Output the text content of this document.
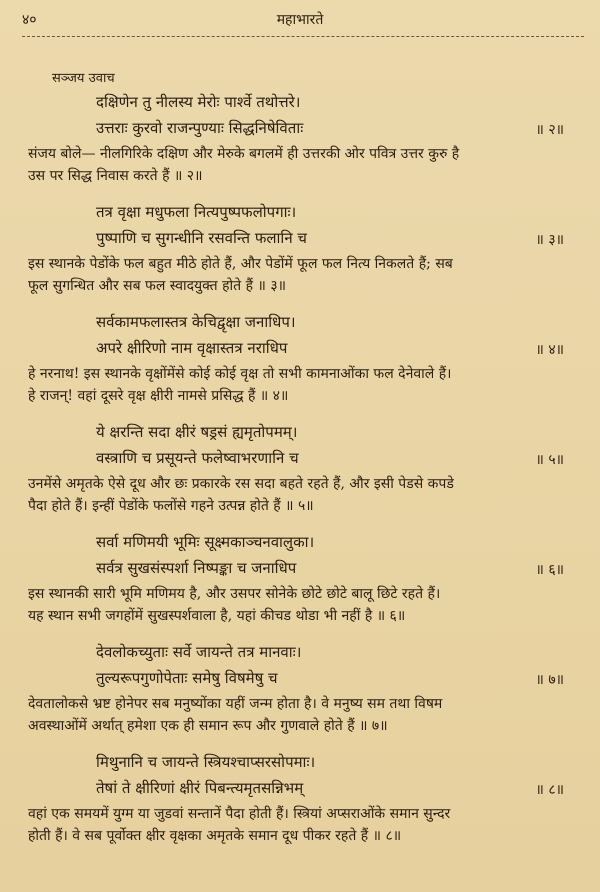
४०	महाभारते
सञ्जय उवाच
दक्षिणेन तु नीलस्य मेरोः पार्श्वे तथोत्तरे।
उत्तराः कुरवो राजन्पुण्याः सिद्धनिषेविताः	॥ २॥
संजय बोले— नीलगिरिके दक्षिण और मेरुके बगलमें ही उत्तरकी ओर पवित्र उत्तर कुरु है
उस पर सिद्ध निवास करते हैं ॥ २॥
तत्र वृक्षा मधुफला नित्यपुष्पफलोपगाः।
पुष्पाणि च सुगन्धीनि रसवन्ति फलानि च	॥ ३॥
इस स्थानके पेडोंके फल बहुत मीठे होते हैं, और पेडोंमें फूल फल नित्य निकलते हैं; सब
फूल सुगन्धित और सब फल स्वादयुक्त होते हैं ॥ ३॥
सर्वकामफलास्तत्र केचिद्वृक्षा जनाधिप।
अपरे क्षीरिणो नाम वृक्षास्तत्र नराधिप	॥ ४॥
हे नरनाथ! इस स्थानके वृक्षोंमेंसे कोई कोई वृक्ष तो सभी कामनाओंका फल देनेवाले हैं।
हे राजन्! वहां दूसरे वृक्ष क्षीरी नामसे प्रसिद्ध हैं ॥ ४॥
ये क्षरन्ति सदा क्षीरं षड्रसं ह्यमृतोपमम्।
वस्त्राणि च प्रसूयन्ते फलेष्वाभरणानि च	॥ ५॥
उनमेंसे अमृतके ऐसे दूध और छः प्रकारके रस सदा बहते रहते हैं, और इसी पेडसे कपडे
पैदा होते हैं। इन्हीं पेडोंके फलोंसे गहने उत्पन्न होते हैं ॥ ५॥
सर्वा मणिमयी भूमिः सूक्ष्मकाञ्चनवालुका।
सर्वत्र सुखसंस्पर्शा निष्पङ्का च जनाधिप	॥ ६॥
इस स्थानकी सारी भूमि मणिमय है, और उसपर सोनेके छोटे छोटे बालू छिटे रहते हैं।
यह स्थान सभी जगहोंमें सुखस्पर्शवाला है, यहां कीचड थोडा भी नहीं है ॥ ६॥
देवलोकच्युताः सर्वे जायन्ते तत्र मानवाः।
तुल्यरूपगुणोपेताः समेषु विषमेषु च	॥ ७॥
देवतालोकसे भ्रष्ट होनेपर सब मनुष्योंका यहीं जन्म होता है। वे मनुष्य सम तथा विषम
अवस्थाओंमें अर्थात् हमेशा एक ही समान रूप और गुणवाले होते हैं ॥ ७॥
मिथुनानि च जायन्ते स्त्रियश्चाप्सरसोपमाः।
तेषां ते क्षीरिणां क्षीरं पिबन्त्यमृतसन्निभम्	॥ ८॥
वहां एक समयमें युग्म या जुडवां सन्तानें पैदा होती हैं। स्त्रियां अप्सराओंके समान सुन्दर
होती हैं। वे सब पूर्वोक्त क्षीर वृक्षका अमृतके समान दूध पीकर रहते हैं ॥ ८॥
